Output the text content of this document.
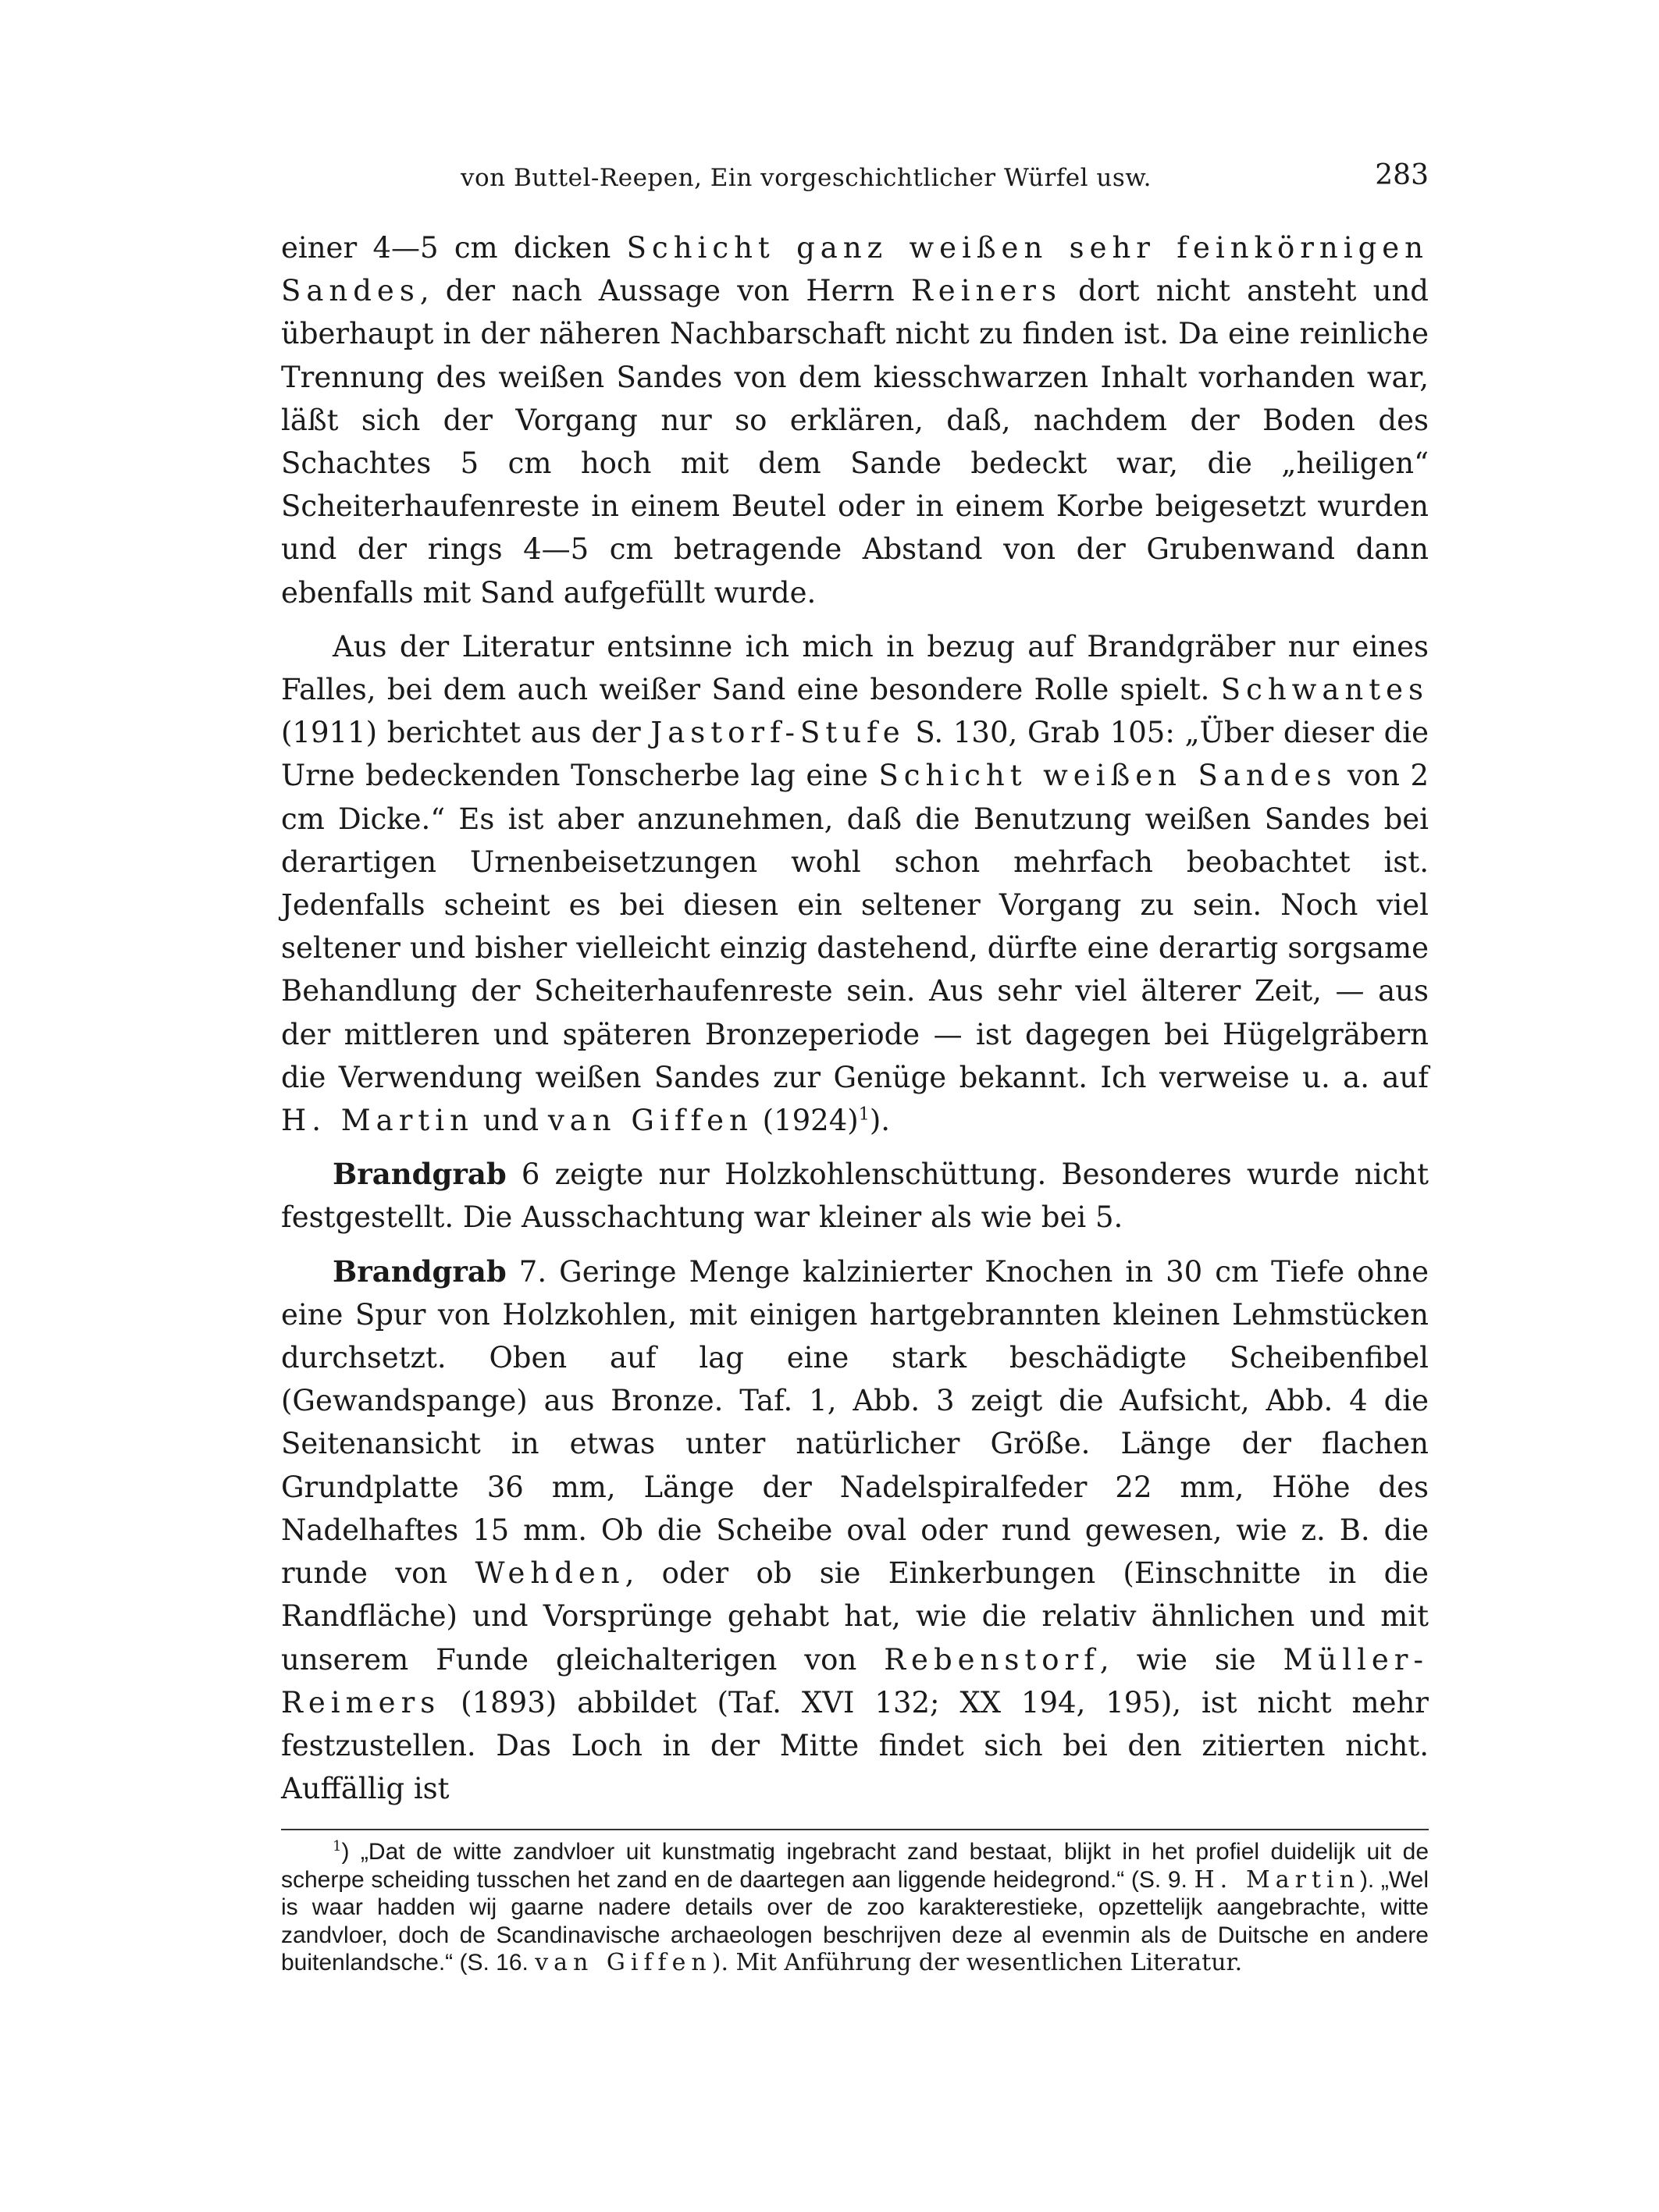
von Buttel-Reepen, Ein vorgeschichtlicher Würfel usw.	283

einer 4—5 cm dicken Schicht ganz weißen sehr feinkörnigen Sandes, der nach Aussage von Herrn Reiners dort nicht ansteht und überhaupt in der näheren Nachbarschaft nicht zu finden ist. Da eine reinliche Trennung des weißen Sandes von dem kiesschwarzen Inhalt vorhanden war, läßt sich der Vorgang nur so erklären, daß, nachdem der Boden des Schachtes 5 cm hoch mit dem Sande bedeckt war, die „heiligen“ Scheiterhaufenreste in einem Beutel oder in einem Korbe beigesetzt wurden und der rings 4—5 cm betragende Abstand von der Grubenwand dann ebenfalls mit Sand aufgefüllt wurde.

Aus der Literatur entsinne ich mich in bezug auf Brandgräber nur eines Falles, bei dem auch weißer Sand eine besondere Rolle spielt. Schwantes (1911) berichtet aus der Jastorf-Stufe S. 130, Grab 105: „Über dieser die Urne bedeckenden Tonscherbe lag eine Schicht weißen Sandes von 2 cm Dicke.“ Es ist aber anzunehmen, daß die Benutzung weißen Sandes bei derartigen Urnenbeisetzungen wohl schon mehrfach beobachtet ist. Jedenfalls scheint es bei diesen ein seltener Vorgang zu sein. Noch viel seltener und bisher vielleicht einzig dastehend, dürfte eine derartig sorgsame Behandlung der Scheiterhaufenreste sein. Aus sehr viel älterer Zeit, — aus der mittleren und späteren Bronzeperiode — ist dagegen bei Hügelgräbern die Verwendung weißen Sandes zur Genüge bekannt. Ich verweise u. a. auf H. Martin und van Giffen $(1924)^1$).

Brandgrab 6 zeigte nur Holzkohlenschüttung. Besonderes wurde nicht festgestellt. Die Ausschachtung war kleiner als wie bei 5.

Brandgrab 7. Geringe Menge kalzinierter Knochen in 30 cm Tiefe ohne eine Spur von Holzkohlen, mit einigen hartgebrannten kleinen Lehmstücken durchsetzt. Oben auf lag eine stark beschädigte Scheibenfibel (Gewandspange) aus Bronze. Taf. 1, Abb. 3 zeigt die Aufsicht, Abb. 4 die Seitenansicht in etwas unter natürlicher Größe. Länge der flachen Grundplatte 36 mm, Länge der Nadelspiralfeder 22 mm, Höhe des Nadelhaftes 15 mm. Ob die Scheibe oval oder rund gewesen, wie z. B. die runde von Wehden, oder ob sie Einkerbungen (Einschnitte in die Randfläche) und Vorsprünge gehabt hat, wie die relativ ähnlichen und mit unserem Funde gleichalterigen von Rebenstorf, wie sie Müller-Reimers (1893) abbildet (Taf. XVI 132; XX 194, 195), ist nicht mehr festzustellen. Das Loch in der Mitte findet sich bei den zitierten nicht. Auffällig ist

$^1$) „Dat de witte zandvloer uit kunstmatig ingebracht zand bestaat, blijkt in het profiel duidelijk uit de scherpe scheiding tusschen het zand en de daartegen aan liggende heidegrond.“ (S. 9. H. Martin). „Wel is waar hadden wij gaarne nadere details over de zoo karakterestieke, opzettelijk aangebrachte, witte zandvloer, doch de Scandinavische archaeologen beschrijven deze al evenmin als de Duitsche en andere buitenlandsche.“ (S. 16. van Giffen). Mit Anführung der wesentlichen Literatur.
